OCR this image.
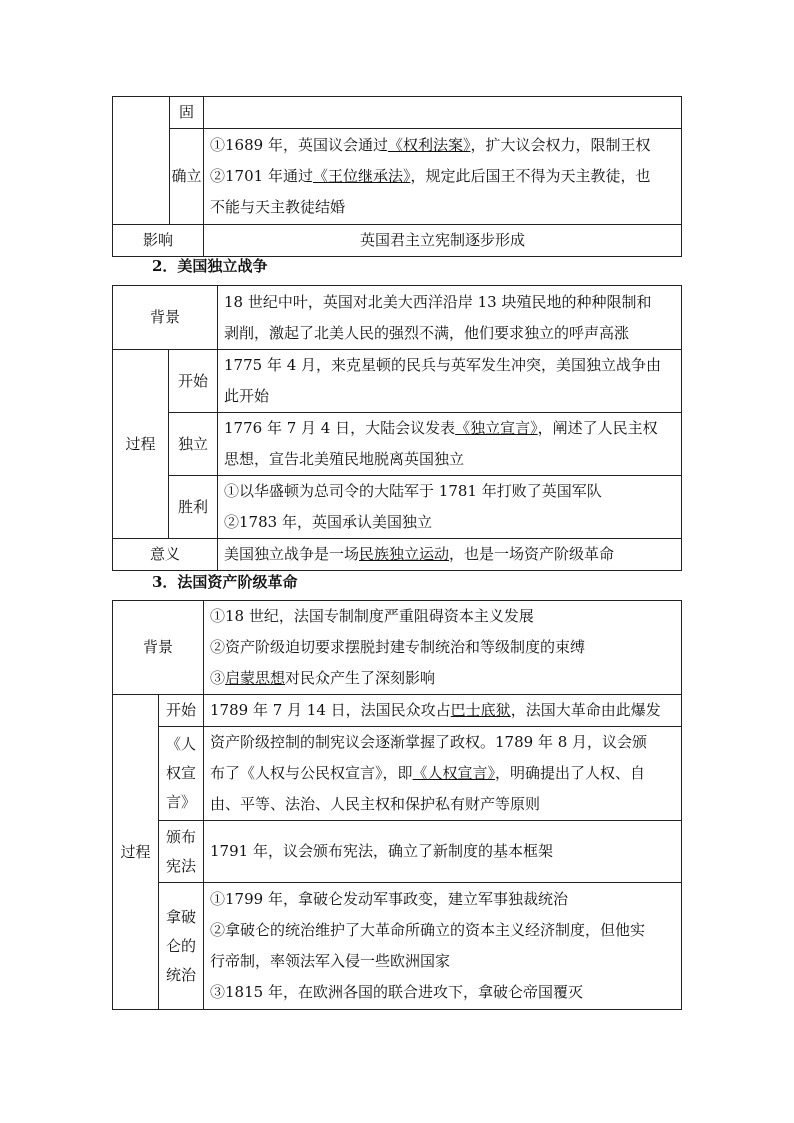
	固	

	确立	①1689 年，英国议会通过《权利法案》，扩大议会权力，限制王权
②1701 年通过《王位继承法》，规定此后国王不得为天主教徒，也
不能与天主教徒结婚

影响		英国君主立宪制逐步形成
2．美国独立战争
背景		18 世纪中叶，英国对北美大西洋沿岸 13 块殖民地的种种限制和
剥削，激起了北美人民的强烈不满，他们要求独立的呼声高涨

过程	开始	1775 年 4 月，来克星顿的民兵与英军发生冲突，美国独立战争由
此开始

	独立	1776 年 7 月 4 日，大陆会议发表《独立宣言》，阐述了人民主权
思想，宣告北美殖民地脱离英国独立

	胜利	①以华盛顿为总司令的大陆军于 1781 年打败了英国军队
②1783 年，英国承认美国独立

意义		美国独立战争是一场民族独立运动，也是一场资产阶级革命
3．法国资产阶级革命
背景		①18 世纪，法国专制制度严重阻碍资本主义发展
②资产阶级迫切要求摆脱封建专制统治和等级制度的束缚
③启蒙思想对民众产生了深刻影响

过程	开始	1789 年 7 月 14 日，法国民众攻占巴士底狱，法国大革命由此爆发

	《人
权宣
言》	资产阶级控制的制宪议会逐渐掌握了政权。1789 年 8 月，议会颁
布了《人权与公民权宣言》，即《人权宣言》，明确提出了人权、自
由、平等、法治、人民主权和保护私有财产等原则

	颁布
宪法	1791 年，议会颁布宪法，确立了新制度的基本框架

	拿破
仑的
统治	①1799 年，拿破仑发动军事政变，建立军事独裁统治
②拿破仑的统治维护了大革命所确立的资本主义经济制度，但他实
行帝制，率领法军入侵一些欧洲国家
③1815 年，在欧洲各国的联合进攻下，拿破仑帝国覆灭
